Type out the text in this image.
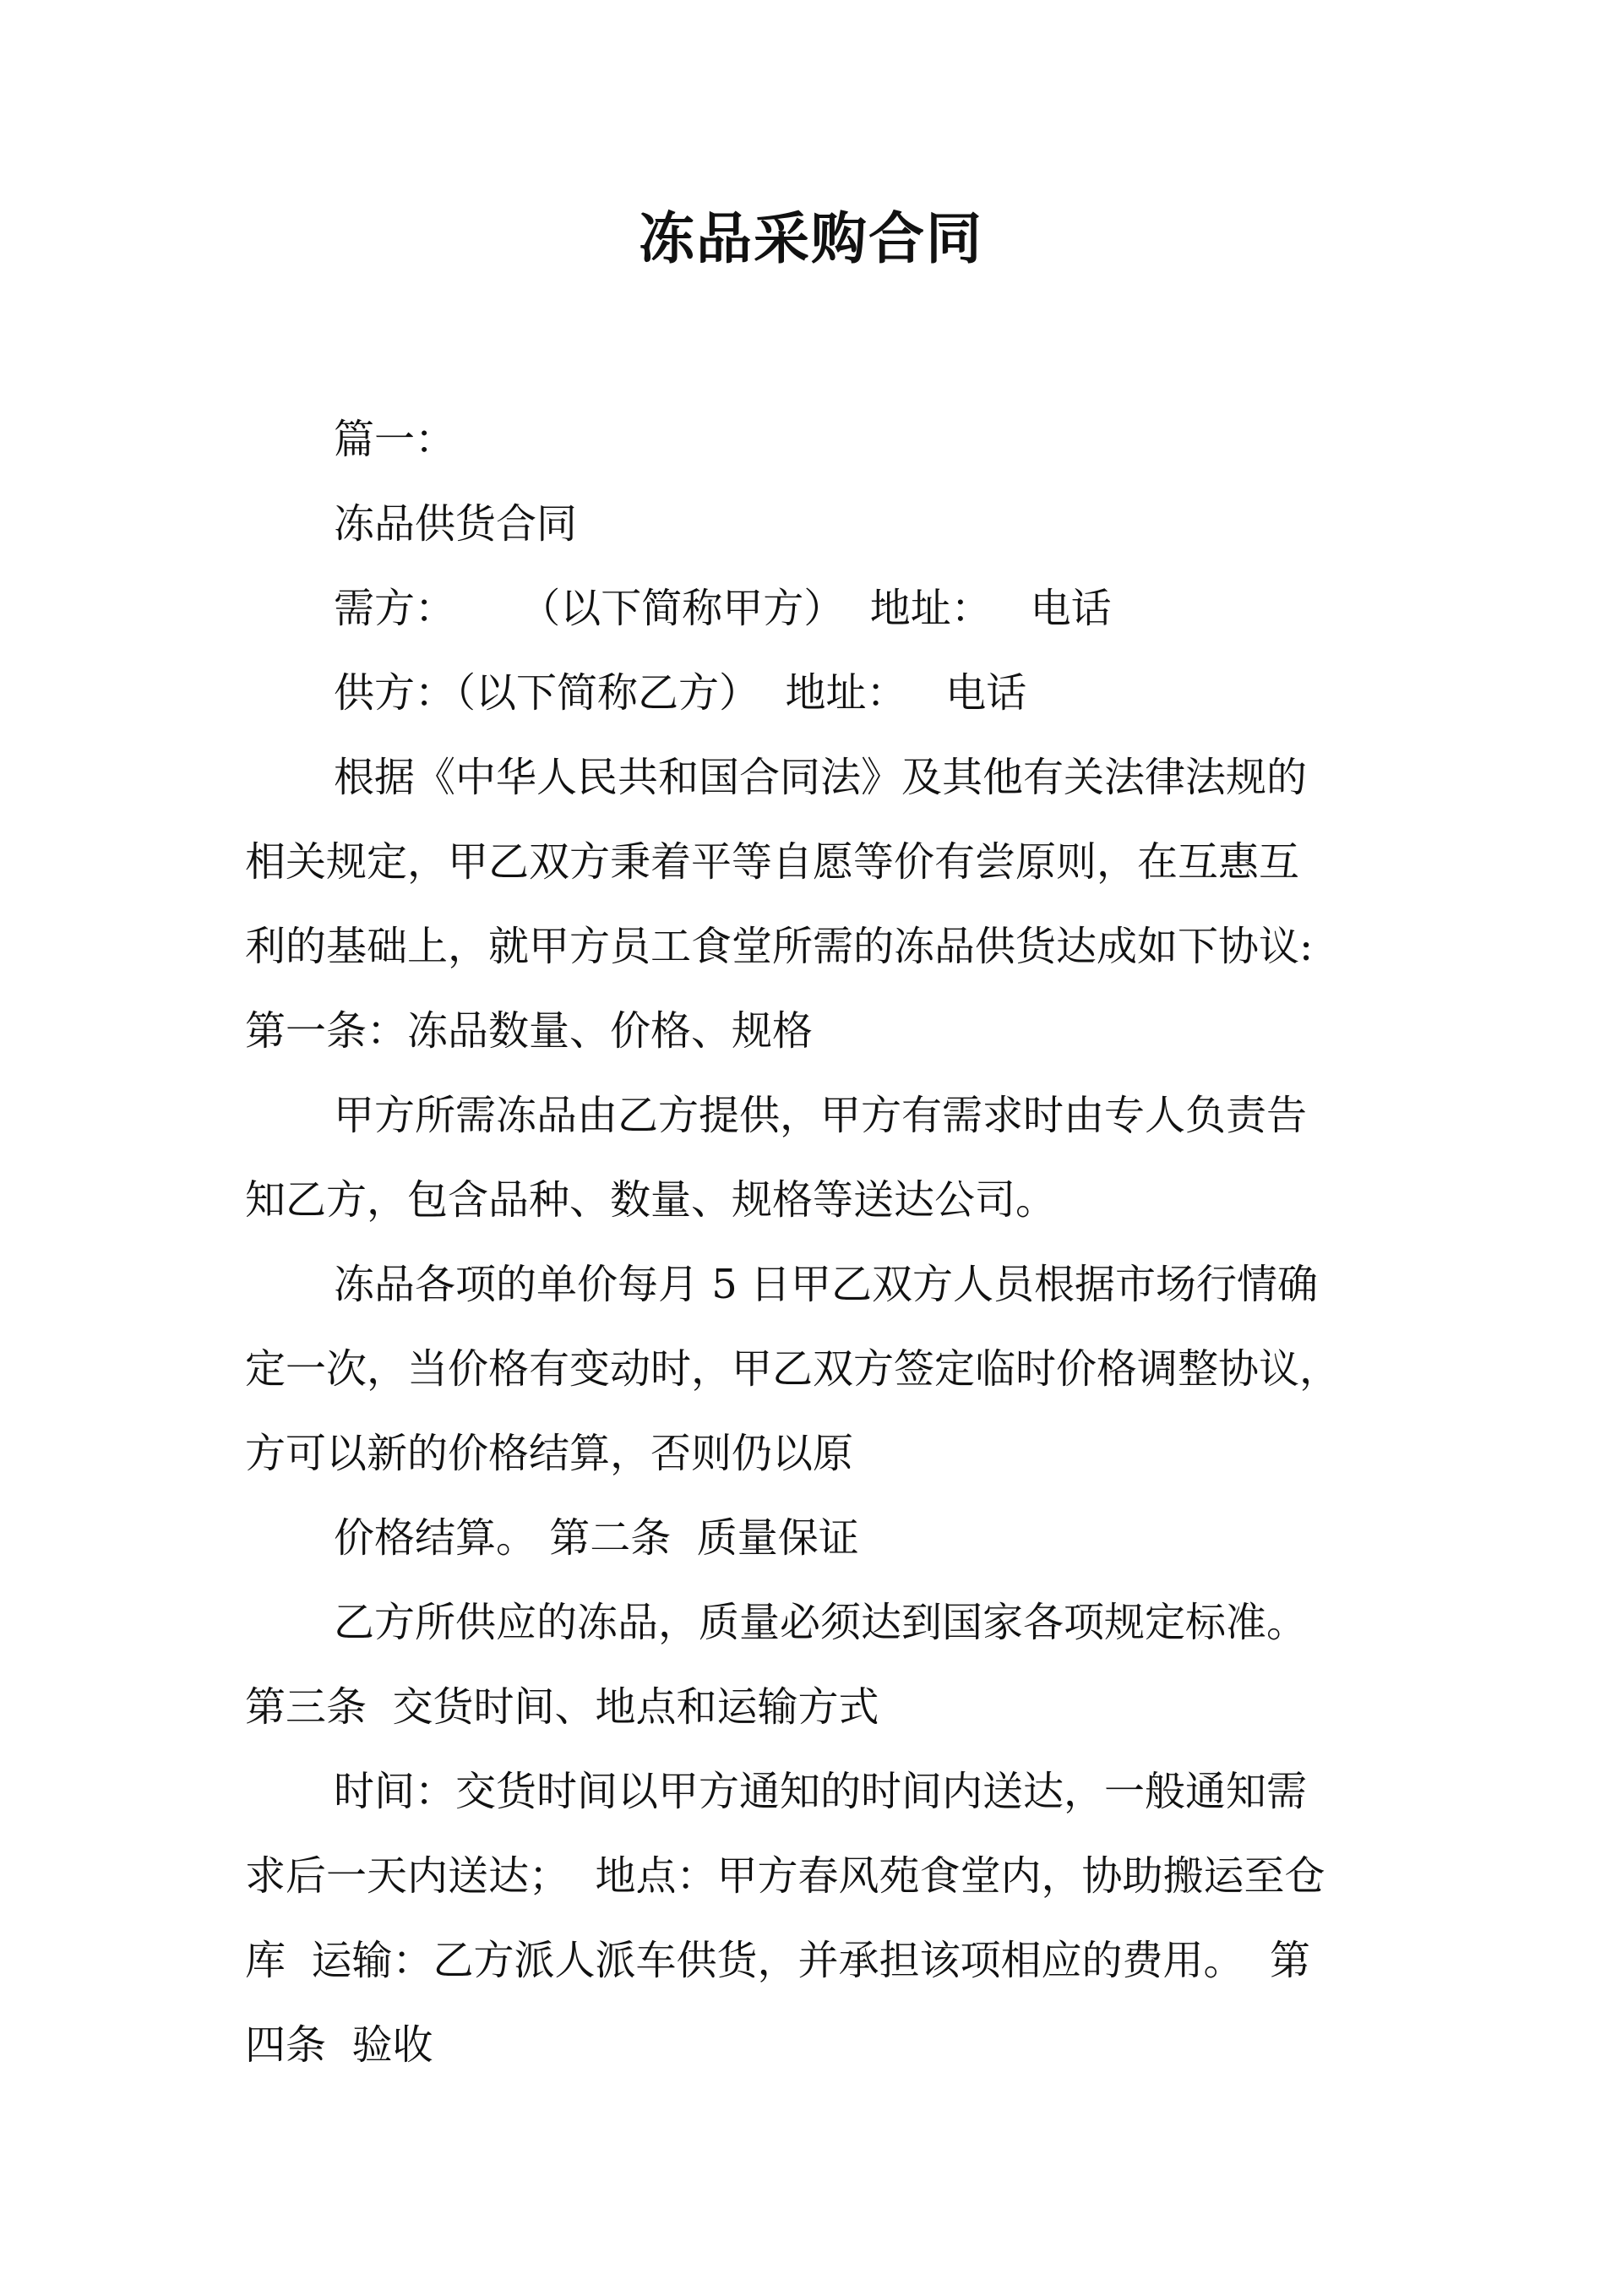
冻品采购合同

篇一：

冻品供货合同

需方：     （以下简称甲方）  地址：   电话

供方：（以下简称乙方）  地址：   电话

根据《中华人民共和国合同法》及其他有关法律法规的

相关规定，甲乙双方秉着平等自愿等价有尝原则，在互惠互

利的基础上，就甲方员工食堂所需的冻品供货达成如下协议:

第一条：冻品数量、价格、规格

甲方所需冻品由乙方提供，甲方有需求时由专人负责告

知乙方，包含品种、数量、规格等送达公司。

冻品各项的单价每月 5 日甲乙双方人员根据市场行情确

定一次，当价格有变动时，甲乙双方签定临时价格调整协议，

方可以新的价格结算，否则仍以原

价格结算。 第二条  质量保证

乙方所供应的冻品，质量必须达到国家各项规定标准。

第三条  交货时间、地点和运输方式

时间：交货时间以甲方通知的时间内送达，一般通知需

求后一天内送达；  地点：甲方春风苑食堂内，协助搬运至仓

库  运输：乙方派人派车供货，并承担该项相应的费用。  第

四条  验收
